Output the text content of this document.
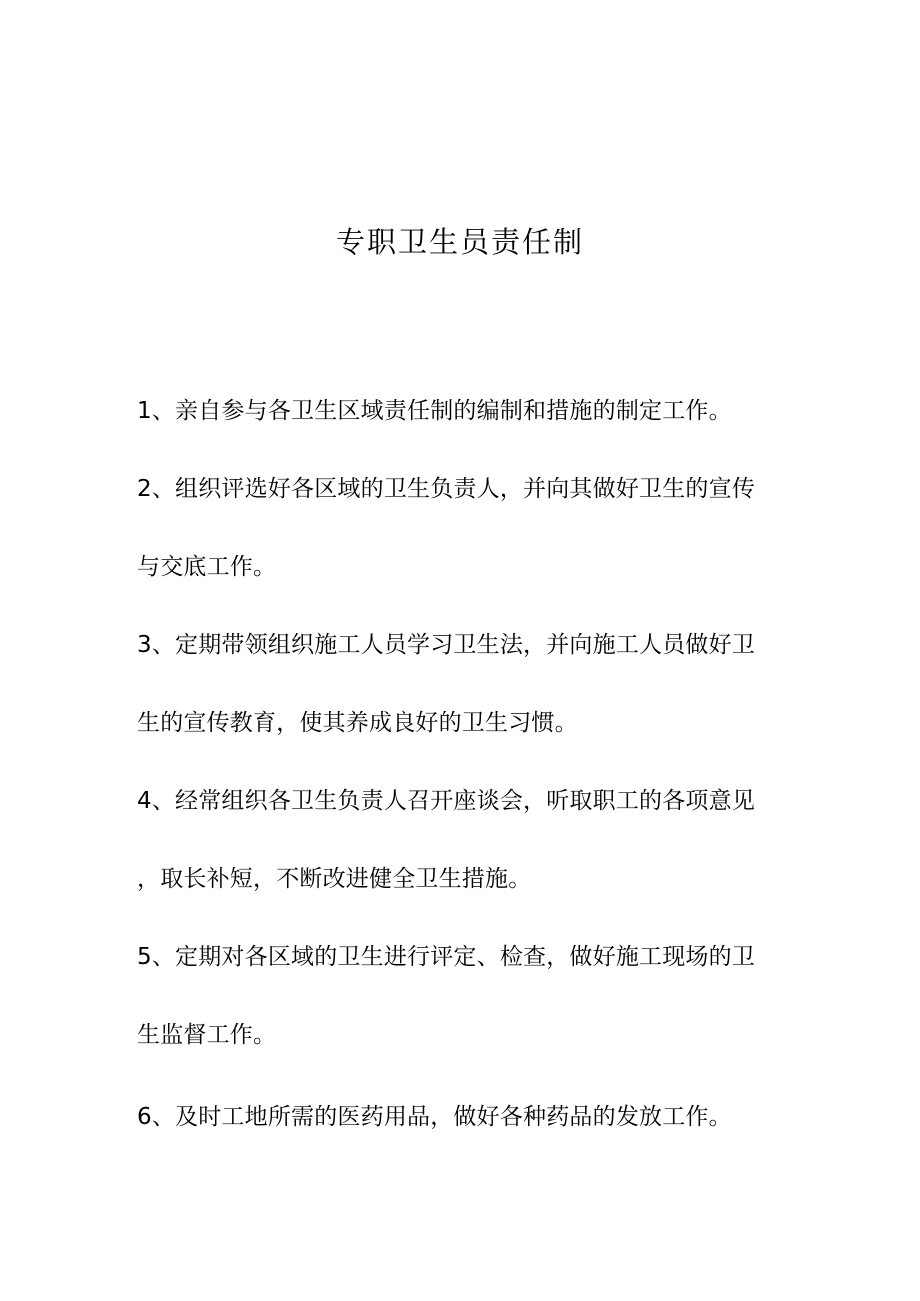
专职卫生员责任制

1、亲自参与各卫生区域责任制的编制和措施的制定工作。

2、组织评选好各区域的卫生负责人，并向其做好卫生的宣传与交底工作。

3、定期带领组织施工人员学习卫生法，并向施工人员做好卫生的宣传教育，使其养成良好的卫生习惯。

4、经常组织各卫生负责人召开座谈会，听取职工的各项意见，取长补短，不断改进健全卫生措施。

5、定期对各区域的卫生进行评定、检查，做好施工现场的卫生监督工作。

6、及时工地所需的医药用品，做好各种药品的发放工作。
